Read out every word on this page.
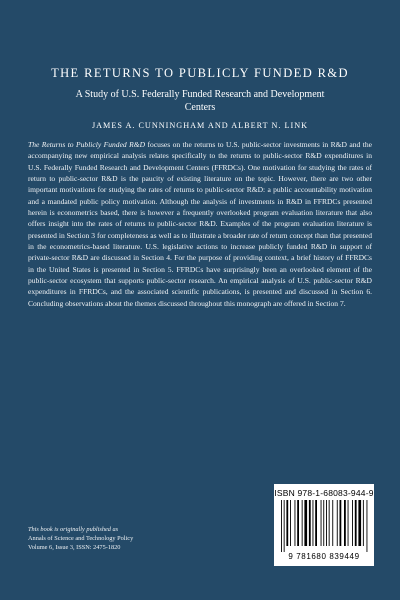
THE RETURNS TO PUBLICLY FUNDED R&D
A Study of U.S. Federally Funded Research and Development Centers
JAMES A. CUNNINGHAM AND ALBERT N. LINK

The Returns to Publicly Funded R&D focuses on the returns to U.S. public-sector investments in R&D and the accompanying new empirical analysis relates specifically to the returns to public-sector R&D expenditures in U.S. Federally Funded Research and Development Centers (FFRDCs). One motivation for studying the rates of return to public-sector R&D is the paucity of existing literature on the topic. However, there are two other important motivations for studying the rates of returns to public-sector R&D: a public accountability motivation and a mandated public policy motivation. Although the analysis of investments in R&D in FFRDCs presented herein is econometrics based, there is however a frequently overlooked program evaluation literature that also offers insight into the rates of returns to public-sector R&D. Examples of the program evaluation literature is presented in Section 3 for completeness as well as to illustrate a broader rate of return concept than that presented in the econometrics-based literature. U.S. legislative actions to increase publicly funded R&D in support of private-sector R&D are discussed in Section 4. For the purpose of providing context, a brief history of FFRDCs in the United States is presented in Section 5. FFRDCs have surprisingly been an overlooked element of the public-sector ecosystem that supports public-sector research. An empirical analysis of U.S. public-sector R&D expenditures in FFRDCs, and the associated scientific publications, is presented and discussed in Section 6. Concluding observations about the themes discussed throughout this monograph are offered in Section 7.

This book is originally published as
Annals of Science and Technology Policy
Volume 6, Issue 3, ISSN: 2475-1820
ISBN 978-1-68083-944-9
9 781680 839449
